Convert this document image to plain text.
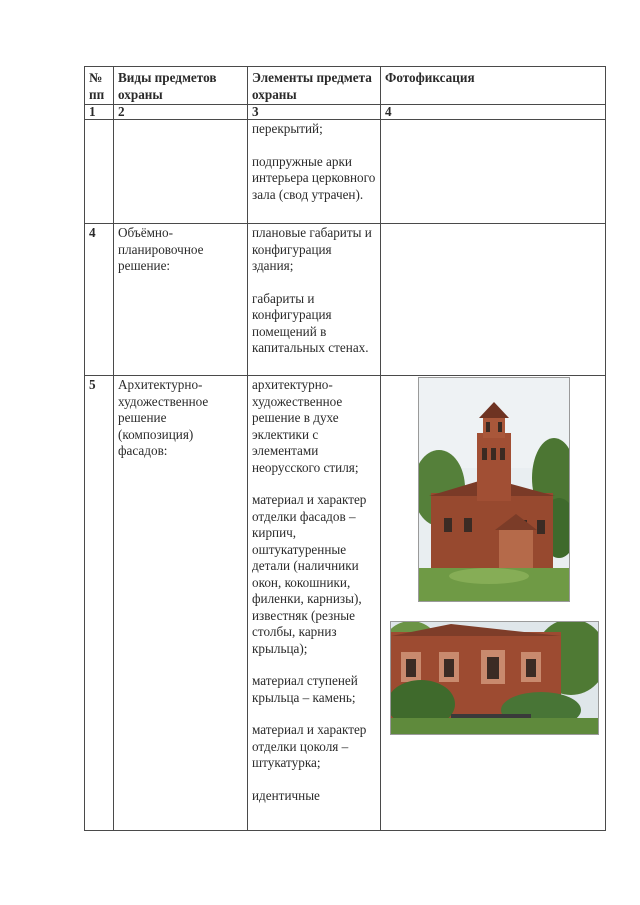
№ пп	Виды предметов охраны	Элементы предмета охраны	Фотофиксация
1	2	3	4

		перекрытий;
подпружные арки интерьера церковного зала (свод утрачен).	

4	Объёмно-планировочное решение:	плановые габариты и конфигурация здания;
габариты и конфигурация помещений в капитальных стенах.	

5	Архитектурно-художественное решение (композиция) фасадов:	архитектурно-художественное решение в духе эклектики с элементами неорусского стиля;
материал и характер отделки фасадов – кирпич, оштукатуренные детали (наличники окон, кокошники, филенки, карнизы), известняк (резные столбы, карниз крыльца);
материал ступеней крыльца – камень;
материал и характер отделки цоколя – штукатурка;
идентичные	
